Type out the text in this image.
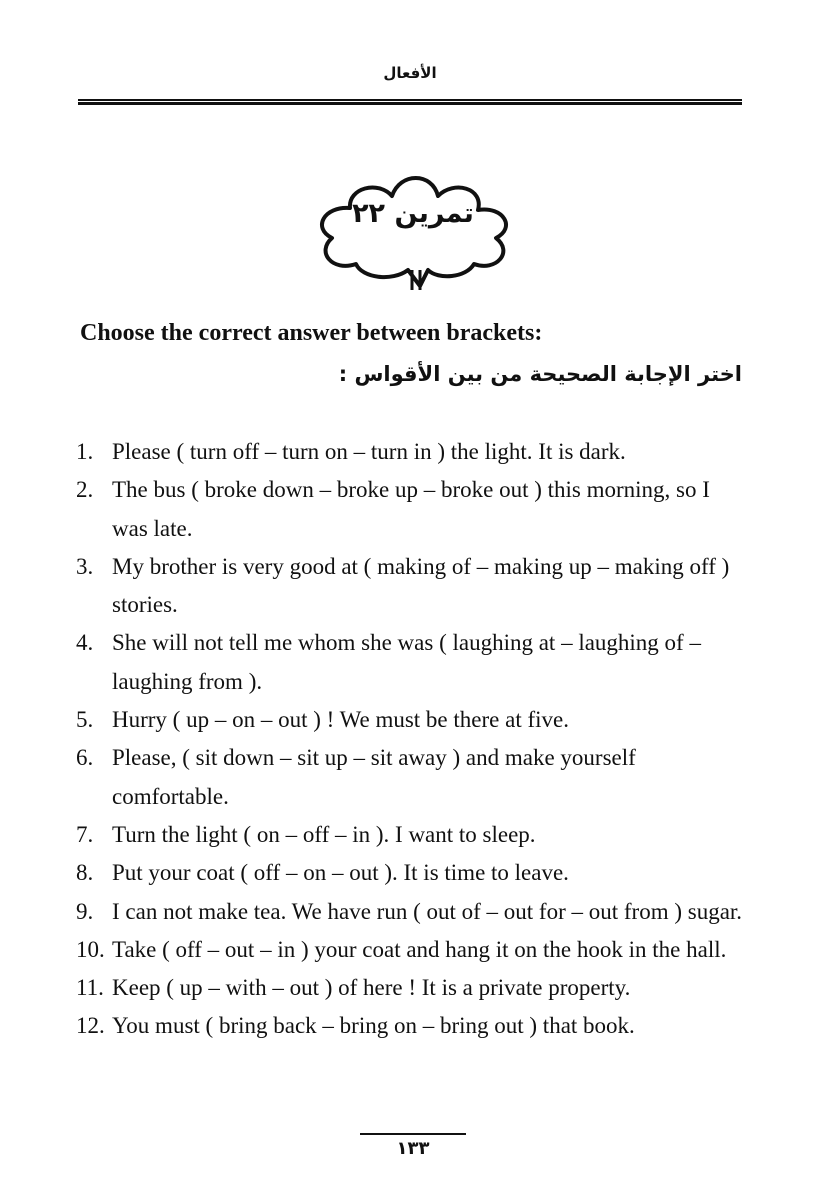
الأفعال
تمرين ٢٢
Choose the correct answer between brackets:
اختر الإجابة الصحيحة من بين الأقواس :
1. Please ( turn off – turn on – turn in ) the light. It is dark.
2. The bus ( broke down – broke up – broke out ) this morning, so I was late.
3. My brother is very good at ( making of – making up – making off ) stories.
4. She will not tell me whom she was ( laughing at – laughing of – laughing from ).
5. Hurry ( up – on – out ) ! We must be there at five.
6. Please, ( sit down – sit up – sit away ) and make yourself comfortable.
7. Turn the light ( on – off – in ). I want to sleep.
8. Put your coat ( off – on – out ). It is time to leave.
9. I can not make tea. We have run ( out of – out for – out from ) sugar.
10. Take ( off – out – in ) your coat and hang it on the hook in the hall.
11. Keep ( up – with – out ) of here ! It is a private property.
12. You must ( bring back – bring on – bring out ) that book.
١٣٣
